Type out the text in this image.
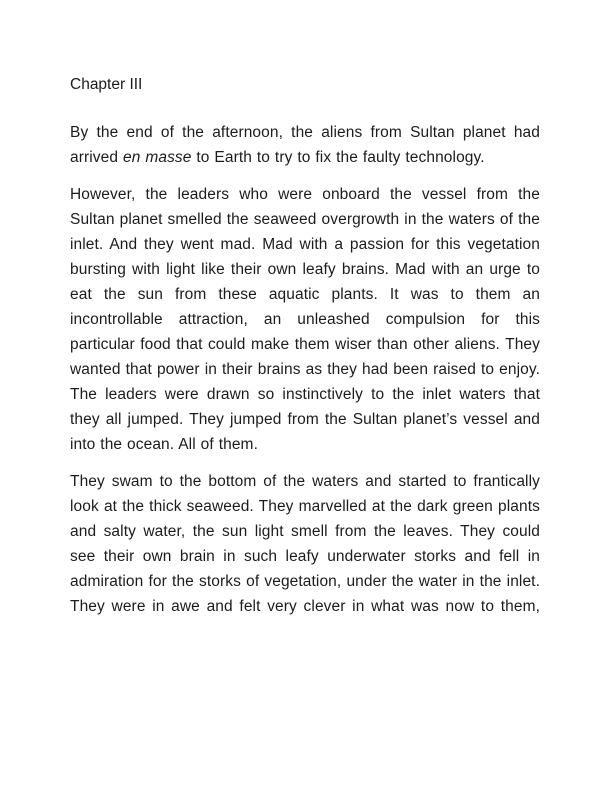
Chapter III

By the end of the afternoon, the aliens from Sultan planet had arrived en masse to Earth to try to fix the faulty technology.

However, the leaders who were onboard the vessel from the Sultan planet smelled the seaweed overgrowth in the waters of the inlet. And they went mad. Mad with a passion for this vegetation bursting with light like their own leafy brains. Mad with an urge to eat the sun from these aquatic plants. It was to them an incontrollable attraction, an unleashed compulsion for this particular food that could make them wiser than other aliens. They wanted that power in their brains as they had been raised to enjoy. The leaders were drawn so instinctively to the inlet waters that they all jumped. They jumped from the Sultan planet’s vessel and into the ocean. All of them.

They swam to the bottom of the waters and started to frantically look at the thick seaweed. They marvelled at the dark green plants and salty water, the sun light smell from the leaves. They could see their own brain in such leafy underwater storks and fell in admiration for the storks of vegetation, under the water in the inlet. They were in awe and felt very clever in what was now to them,
